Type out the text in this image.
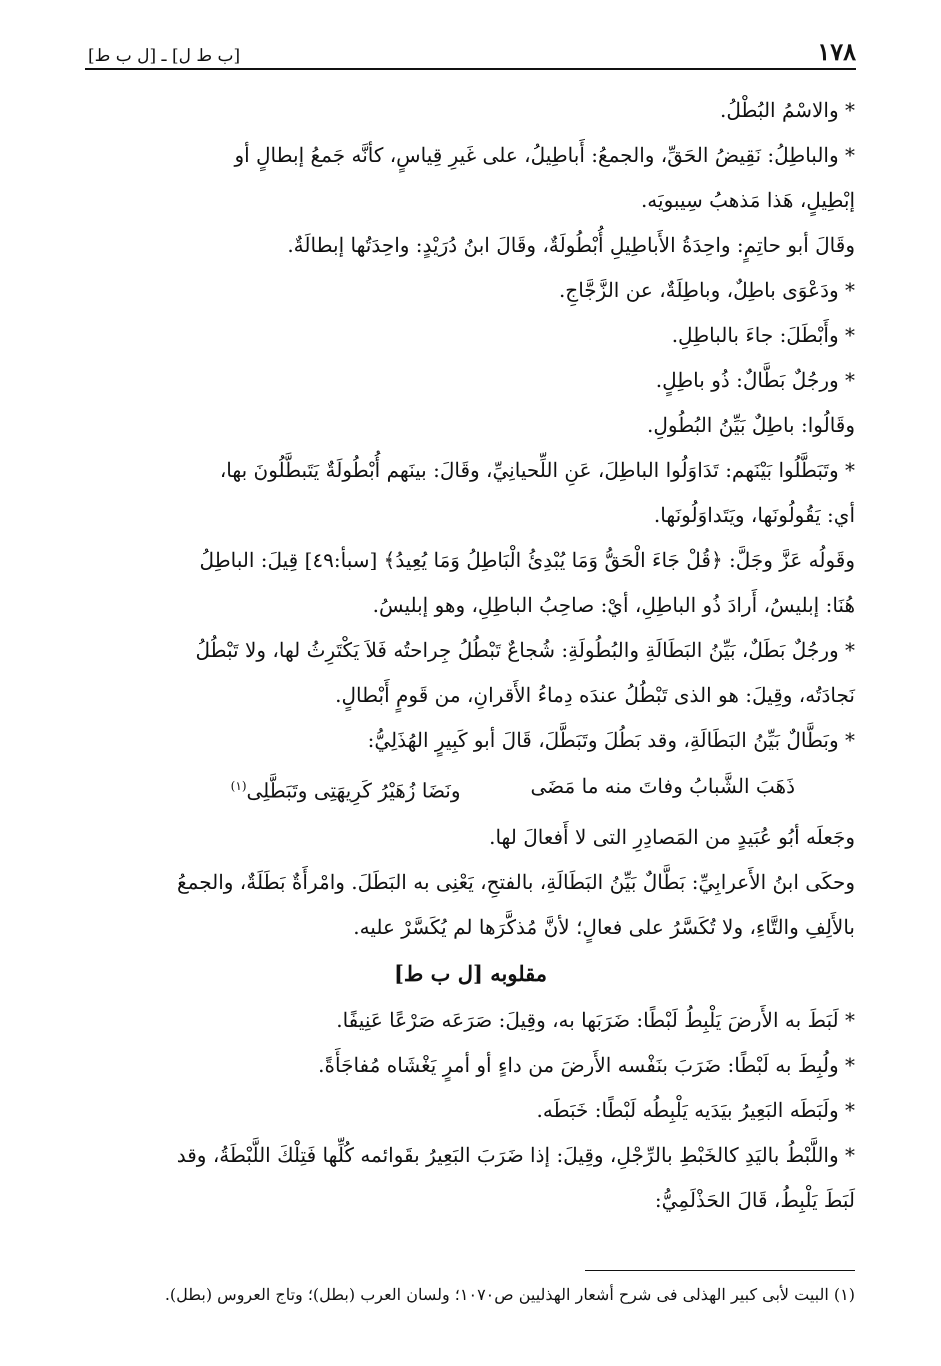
[ب ط ل] ـ [ل ب ط]	١٧٨

* والاسْمُ البُطْلُ.

* والباطِلُ: نَقِيضُ الحَقِّ، والجمعُ: أَباطِيلُ، على غَيرِ قِياسٍ، كأنَّه جَمعُ إبطالٍ أو

إبْطِيلٍ، هَذا مَذهبُ سِيبويَه.

وقَالَ أبو حاتِمٍ: واحِدَةُ الأَباطِيلِ أُبْطُولَةٌ، وقَالَ ابنُ دُرَيْدٍ: واحِدَتُها إبطالَةٌ.

* ودَعْوَى باطِلٌ، وباطِلَةٌ، عن الزَّجَّاجِ.

* وأَبْطَلَ: جاءَ بالباطِلِ.

* ورجُلٌ بَطَّالٌ: ذُو باطِلٍ.

وقَالُوا: باطِلٌ بَيِّنُ البُطُولِ.

* وتَبَطَّلُوا بَيْنَهم: تَدَاوَلُوا الباطِلَ، عَنِ اللِّحيانِيِّ، وقَالَ: بينَهم أُبْطُولَةٌ يَتَبطَّلُونَ بها،

أي: يَقُولُونَها، ويَتَداوَلُونَها.

وقَولُه عَزَّ وجَلَّ: ﴿قُلْ جَاءَ الْحَقُّ وَمَا يُبْدِئُ الْبَاطِلُ وَمَا يُعِيدُ﴾ [سبأ:٤٩] قِيلَ: الباطِلُ

هُنَا: إبليسُ، أَرادَ ذُو الباطِلِ، أيْ: صاحِبُ الباطِلِ، وهو إبليسُ.

* ورجُلٌ بَطَلٌ، بَيِّنُ البَطَالَةِ والبُطُولَةِ: شُجاعٌ تَبْطُلُ جِراحتُه فَلاَ يَكْتَرِثُ لها، ولا تَبْطُلُ

نَجادَتُه، وقِيلَ: هو الذى تَبْطُلُ عندَه دِماءُ الأَقرانِ، من قَومٍ أَبْطالٍ.

* وبَطَّالٌ بَيِّنُ البَطَالَةِ، وقد بَطُلَ وتَبَطَّلَ، قَالَ أبو كَبِيرٍ الهُذَلِيُّ:

ذَهَبَ الشَّبابُ وفاتَ منه ما مَضَى
ونَضَا زُهَيْرُ كَرِيهَتِى وتَبَطَّلِى$^{(١)}$

وجَعلَه أبُو عُبَيدٍ من المَصادِرِ التى لا أَفعالَ لها.

وحكَى ابنُ الأَعرابِيِّ: بَطَّالٌ بَيِّنُ البَطَالَةِ، بالفتحِ، يَعْنِى به البَطَلَ. وامْرأَةٌ بَطَلَةٌ، والجمعُ

بالأَلِفِ والتَّاءِ، ولا تُكَسَّرُ على فعالٍ؛ لأنَّ مُذكَّرَها لم يُكَسَّرْ عليه.

مقلوبه [ل ب ط]

* لَبَطَ به الأَرضَ يَلْبِطُ لَبْطًا: ضَرَبَها به، وقِيلَ: صَرَعَه صَرْعًا عَنِيفًا.

* ولُبِطَ به لَبْطًا: ضَرَبَ بنَفْسه الأَرضَ من داءٍ أو أمرٍ يَغْشَاه مُفاجَأَةً.

* ولَبَطَه البَعِيرُ بيَدَيه يَلْبِطُه لَبْطًا: خَبَطَه.

* واللَّبْطُ باليَدِ كالخَبْطِ بالرِّجْلِ، وقِيلَ: إذا ضَرَبَ البَعِيرُ بقَوائمه كُلِّها فَتِلْكَ اللَّبْطَةُ، وقد

لَبَطَ يَلْبِطُ، قَالَ الحَذْلَمِيُّ:

(١) البيت لأبى كبير الهذلى فى شرح أشعار الهذليين ص١٠٧٠؛ ولسان العرب (بطل)؛ وتاج العروس (بطل).
